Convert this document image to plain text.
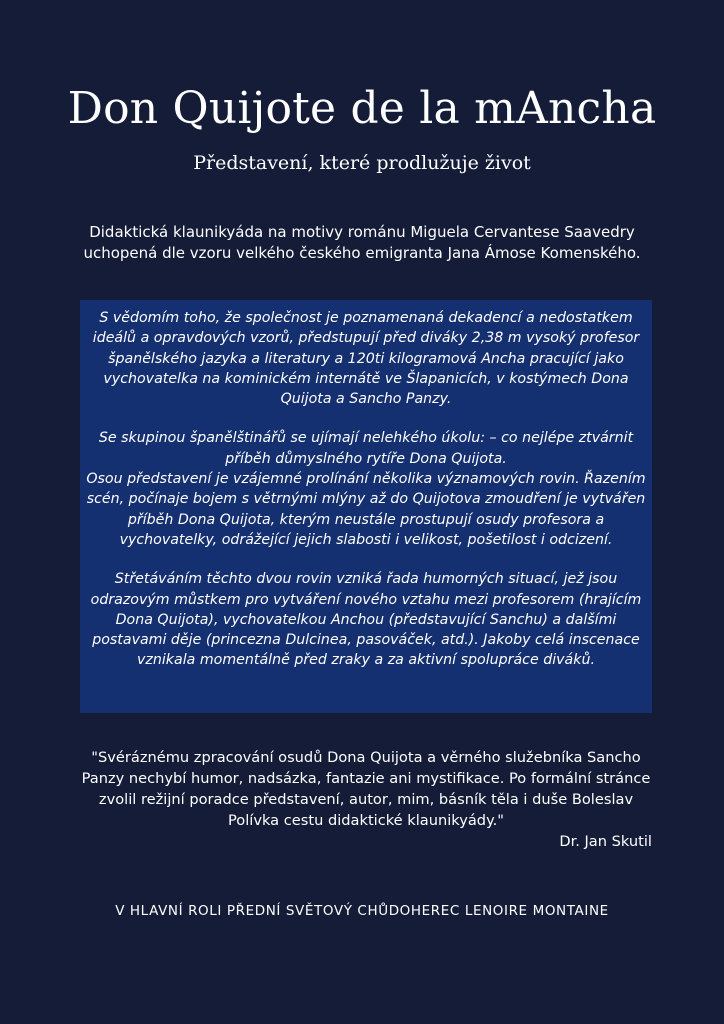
Don Quijote de la mAncha

Představení, které prodlužuje život

Didaktická klaunikyáda na motivy románu Miguela Cervantese Saavedry uchopená dle vzoru velkého českého emigranta Jana Ámose Komenského.

S vědomím toho, že společnost je poznamenaná dekadencí a nedostatkem ideálů a opravdových vzorů, předstupují před diváky 2,38 m vysoký profesor španělského jazyka a literatury a 120ti kilogramová Ancha pracující jako vychovatelka na kominickém internátě ve Šlapanicích, v kostýmech Dona Quijota a Sancho Panzy.

Se skupinou španělštinářů se ujímají nelehkého úkolu: – co nejlépe ztvárnit příběh důmyslného rytíře Dona Quijota.

Osou představení je vzájemné prolínání několika významových rovin. Řazením scén, počínaje bojem s větrnými mlýny až do Quijotova zmoudření je vytvářen příběh Dona Quijota, kterým neustále prostupují osudy profesora a vychovatelky, odrážející jejich slabosti i velikost, pošetilost i odcizení.

Střetáváním těchto dvou rovin vzniká řada humorných situací, jež jsou odrazovým můstkem pro vytváření nového vztahu mezi profesorem (hrajícím Dona Quijota), vychovatelkou Anchou (představující Sanchu) a dalšími postavami děje (princezna Dulcinea, pasováček, atd.). Jakoby celá inscenace vznikala momentálně před zraky a za aktivní spolupráce diváků.

"Svéráznému zpracování osudů Dona Quijota a věrného služebníka Sancho Panzy nechybí humor, nadsázka, fantazie ani mystifikace. Po formální stránce zvolil režijní poradce představení, autor, mim, básník těla i duše Boleslav Polívka cestu didaktické klaunikyády."

Dr. Jan Skutil

V HLAVNÍ ROLI PŘEDNÍ SVĚTOVÝ CHŮDOHEREC LENOIRE MONTAINE
